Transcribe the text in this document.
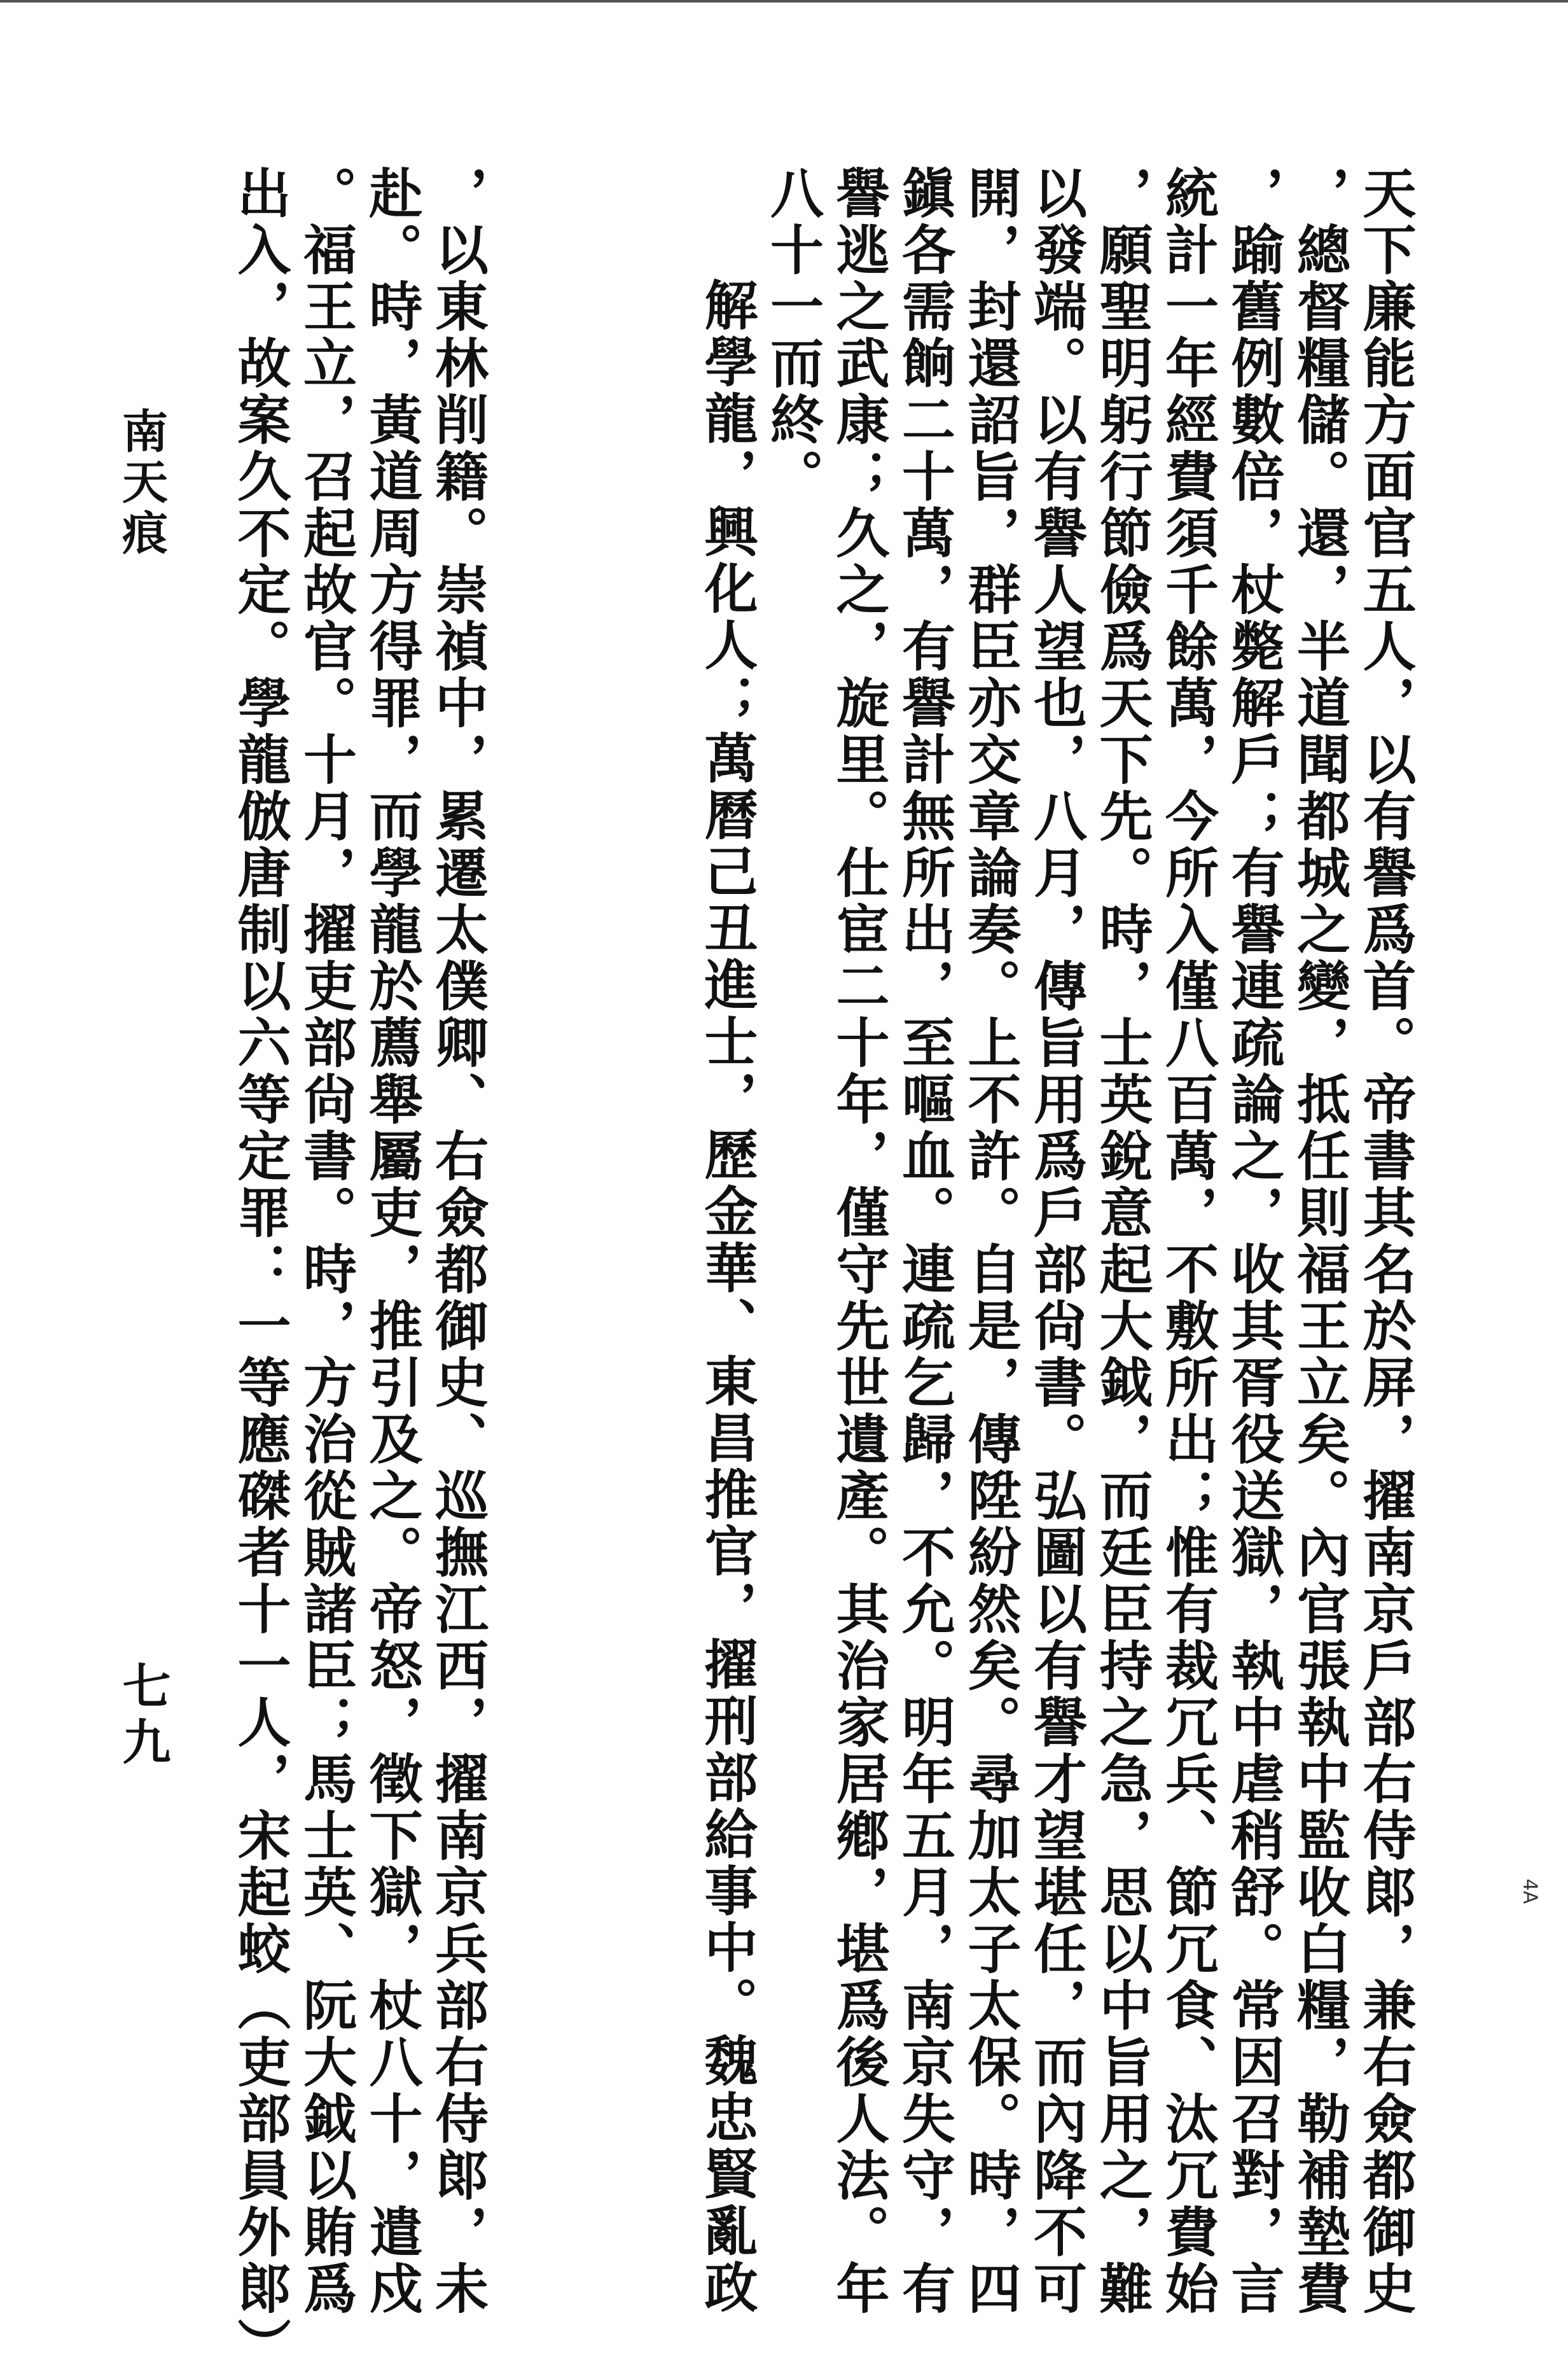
天下廉能方面官五人，以有譽爲首。帝書其名於屏，擢南京戶部右侍郞，兼右僉都御史
，總督糧儲。還，半道聞都城之變，抵任則福王立矣。內官張執中監收白糧，勒補墊費
，踰舊例數倍，杖斃解戶；有譽連疏論之，收其胥役送獄，執中虐稍舒。常因召對，言
統計一年經費須千餘萬，今所入僅八百萬，不敷所出；惟有裁冗兵、節冗食、汰冗費始
，願聖明躬行節儉爲天下先。時，士英銳意起大鉞，而廷臣持之急，思以中旨用之，難
以發端。以有譽人望也，八月，傳旨用爲戶部尙書。弘圖以有譽才望堪任，而內降不可
開，封還詔旨，群臣亦交章論奏。上不許。自是，傳陞紛然矣。尋加太子太保。時，四
鎭各需餉二十萬，有譽計無所出，至嘔血。連疏乞歸，不允。明年五月，南京失守，有
譽逃之武康；久之，旋里。仕宦二十年，僅守先世遺產。其治家居鄕，堪爲後人法。年
八十一而終。
解學龍，興化人；萬曆己丑進士，歷金華、東昌推官，擢刑部給事中。魏忠賢亂政
，以東林削籍。崇禎中，累遷太僕卿、右僉都御史、巡撫江西，擢南京兵部右侍郞，未
赴。時，黃道周方得罪，而學龍於薦舉屬吏，推引及之。帝怒，徵下獄，杖八十，遣戍
。福王立，召起故官。十月，擢吏部尙書。時，方治從賊諸臣；馬士英、阮大鉞以賄爲
出入，故案久不定。學龍倣唐制以六等定罪：一等應磔者十一人，宋起蛟（吏部員外郞）
南天痕
七九
4A
